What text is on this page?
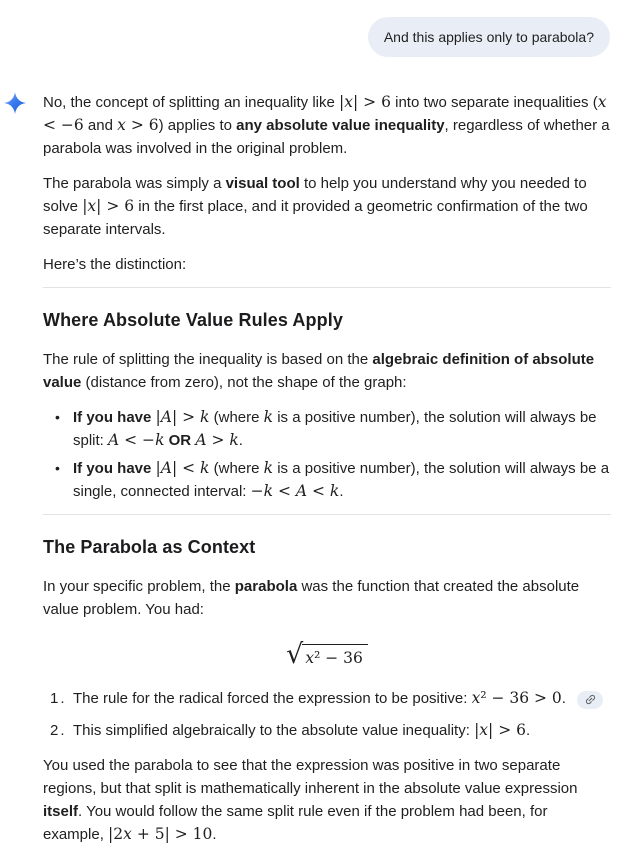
And this applies only to parabola?

No, the concept of splitting an inequality like |x| > 6 into two separate inequalities (x < −6 and x > 6) applies to any absolute value inequality, regardless of whether a parabola was involved in the original problem.

The parabola was simply a visual tool to help you understand why you needed to solve |x| > 6 in the first place, and it provided a geometric confirmation of the two separate intervals.

Here’s the distinction:

Where Absolute Value Rules Apply

The rule of splitting the inequality is based on the algebraic definition of absolute value (distance from zero), not the shape of the graph:

• If you have |A| > k (where k is a positive number), the solution will always be split: A < −k OR A > k.
• If you have |A| < k (where k is a positive number), the solution will always be a single, connected interval: −k < A < k.
The Parabola as Context

In your specific problem, the parabola was the function that created the absolute value problem. You had:

√ x² − 36
1. The rule for the radical forced the expression to be positive: x² − 36 > 0.
2. This simplified algebraically to the absolute value inequality: |x| > 6.

You used the parabola to see that the expression was positive in two separate regions, but that split is mathematically inherent in the absolute value expression itself. You would follow the same split rule even if the problem had been, for example, |2x + 5| > 10.
